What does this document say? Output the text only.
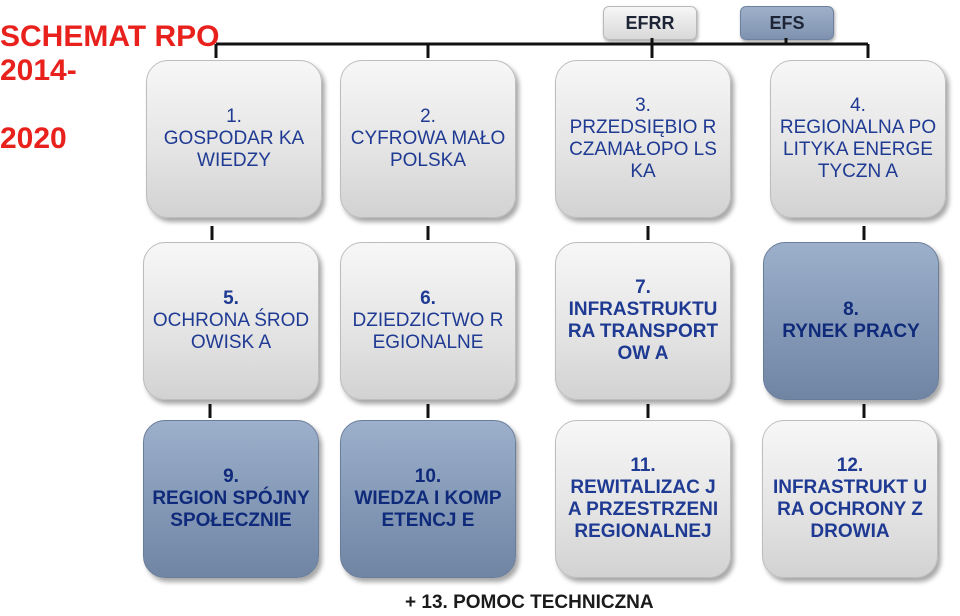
SCHEMAT RPO 2014-

2020

EFRR	EFS
1.
GOSPODAR KA WIEDZY
2.
CYFROWA MAŁOPOLSKA
3.
PRZEDSIĘBIO RCZAMAŁOPO LSKA
4.
REGIONALNA POLITYKA ENERGETYCZN A
5.
OCHRONA ŚRODOWISK A
6.
DZIEDZICTWO REGIONALNE
7.
INFRASTRUKTU RA TRANSPORTOW A
8.
RYNEK PRACY
9.
REGION SPÓJNY SPOŁECZNIE
10.
WIEDZA I KOMPETENCJ E
11.
REWITALIZAC JA PRZESTRZENI REGIONALNEJ
12.
INFRASTRUKT URA OCHRONY ZDROWIA
+ 13. POMOC TECHNICZNA
